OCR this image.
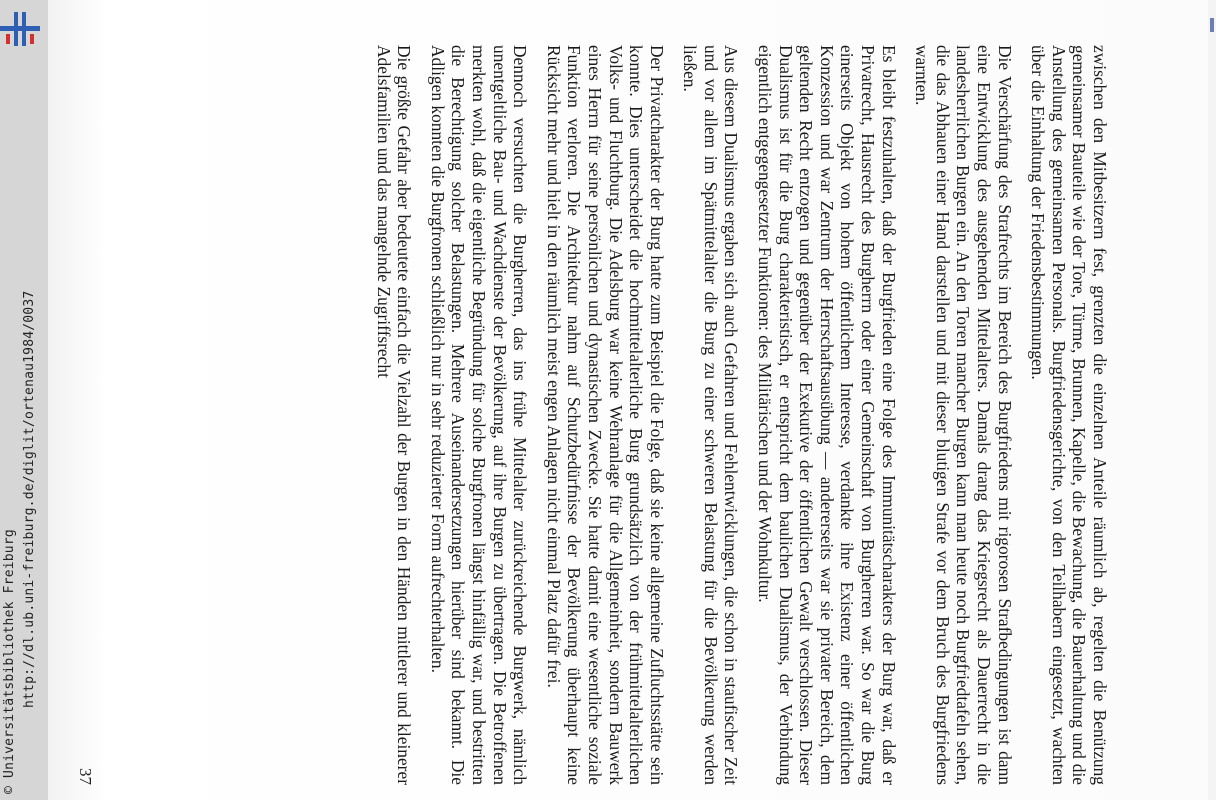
© Universitätsbibliothek Freiburg http://dl.ub.uni-freiburg.de/diglit/ortenau1984/0037	zwischen den Mitbesitzern fest, grenzten die einzelnen Anteile räumlich ab, regelten die Benützung gemeinsamer Bauteile wie der Tore, Türme, Brunnen, Kapelle, die Bewachung, die Bauerhaltung und die Anstellung des gemeinsamen Personals. Burgfriedensgerichte, von den Teilhabern eingesetzt, wachten über die Einhaltung der Friedensbestimmungen.

Die Verschärfung des Strafrechts im Bereich des Burgfriedens mit rigorosen Strafbedingungen ist dann eine Entwicklung des ausgehenden Mittelalters. Damals drang das Kriegsrecht als Dauerrecht in die landesherrlichen Burgen ein. An den Toren mancher Burgen kann man heute noch Burgfriedtafeln sehen, die das Abhauen einer Hand darstellen und mit dieser blutigen Strafe vor dem Bruch des Burgfriedens warnten.

Es bleibt festzuhalten, daß der Burgfrieden eine Folge des Immunitätscharakters der Burg war, daß er Privatrecht, Hausrecht des Burgherrn oder einer Gemeinschaft von Burgherren war. So war die Burg einerseits Objekt von hohem öffentlichem Interesse, verdankte ihre Existenz einer öffentlichen Konzession und war Zentrum der Herrschaftsausübung — andererseits war sie privater Bereich, dem geltenden Recht entzogen und gegenüber der Exekutive der öffentlichen Gewalt verschlossen. Dieser Dualismus ist für die Burg charakteristisch, er entspricht dem baulichen Dualismus, der Verbindung eigentlich entgegengesetzter Funktionen: des Militärischen und der Wohnkultur.

Aus diesem Dualismus ergaben sich auch Gefahren und Fehlentwicklungen, die schon in staufischer Zeit und vor allem im Spätmittelalter die Burg zu einer schweren Belastung für die Bevölkerung werden ließen.

Der Privatcharakter der Burg hatte zum Beispiel die Folge, daß sie keine allgemeine Zufluchtsstätte sein konnte. Dies unterscheidet die hochmittelalterliche Burg grundsätzlich von der frühmittelalterlichen Volks- und Fluchtburg. Die Adelsburg war keine Wehranlage für die Allgemeinheit, sondern Bauwerk eines Herrn für seine persönlichen und dynastischen Zwecke. Sie hatte damit eine wesentliche soziale Funktion verloren. Die Architektur nahm auf Schutzbedürfnisse der Bevölkerung überhaupt keine Rücksicht mehr und hielt in den räumlich meist engen Anlagen nicht einmal Platz dafür frei.

Dennoch versuchten die Burgherren, das ins frühe Mittelalter zurückreichende Burgwerk, nämlich unentgeltliche Bau- und Wachdienste der Bevölkerung, auf ihre Burgen zu übertragen. Die Betroffenen merkten wohl, daß die eigentliche Begründung für solche Burgfronen längst hinfällig war, und bestritten die Berechtigung solcher Belastungen. Mehrere Auseinandersetzungen hierüber sind bekannt. Die Adligen konnten die Burgfronen schließlich nur in sehr reduzierter Form aufrechterhalten.

Die größte Gefahr aber bedeutete einfach die Vielzahl der Burgen in den Händen mittlerer und kleinerer Adelsfamilien und das mangelnde Zugriffsrecht

37
